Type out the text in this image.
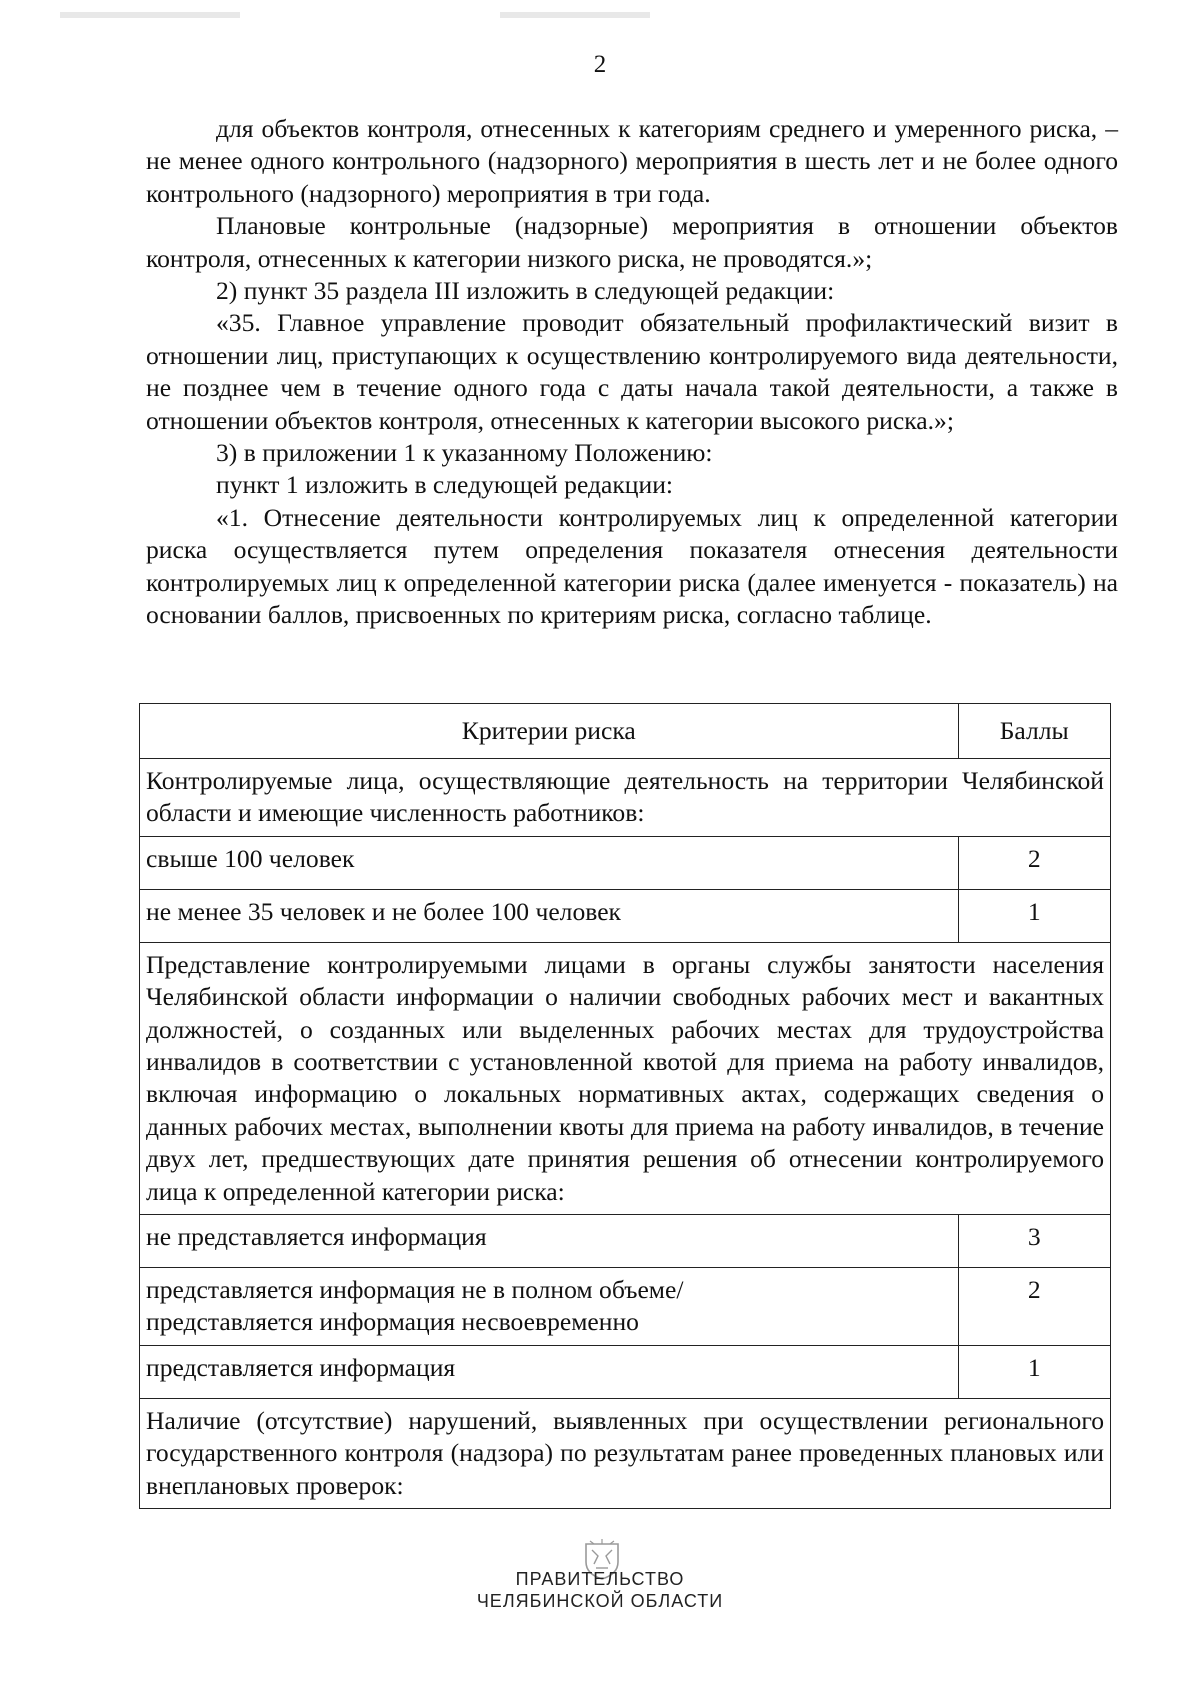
2

для объектов контроля, отнесенных к категориям среднего и умеренного риска, – не менее одного контрольного (надзорного) мероприятия в шесть лет и не более одного контрольного (надзорного) мероприятия в три года.

Плановые контрольные (надзорные) мероприятия в отношении объектов контроля, отнесенных к категории низкого риска, не проводятся.»;

2) пункт 35 раздела III изложить в следующей редакции:

«35. Главное управление проводит обязательный профилактический визит в отношении лиц, приступающих к осуществлению контролируемого вида деятельности, не позднее чем в течение одного года с даты начала такой деятельности, а также в отношении объектов контроля, отнесенных к категории высокого риска.»;

3) в приложении 1 к указанному Положению:

пункт 1 изложить в следующей редакции:

«1. Отнесение деятельности контролируемых лиц к определенной категории риска осуществляется путем определения показателя отнесения деятельности контролируемых лиц к определенной категории риска (далее именуется - показатель) на основании баллов, присвоенных по критериям риска, согласно таблице.

Критерии риска	Баллы
Контролируемые лица, осуществляющие деятельность на территории Челябинской области и имеющие численность работников:	
свыше 100 человек	2
не менее 35 человек и не более 100 человек	1
Представление контролируемыми лицами в органы службы занятости населения Челябинской области информации о наличии свободных рабочих мест и вакантных должностей, о созданных или выделенных рабочих местах для трудоустройства инвалидов в соответствии с установленной квотой для приема на работу инвалидов, включая информацию о локальных нормативных актах, содержащих сведения о данных рабочих местах, выполнении квоты для приема на работу инвалидов, в течение двух лет, предшествующих дате принятия решения об отнесении контролируемого лица к определенной категории риска:	
не представляется информация	3
представляется информация не в полном объеме/
представляется информация несвоевременно	2
представляется информация	1
Наличие (отсутствие) нарушений, выявленных при осуществлении регионального государственного контроля (надзора) по результатам ранее проведенных плановых или внеплановых проверок:	
ПРАВИТЕЛЬСТВО
ЧЕЛЯБИНСКОЙ ОБЛАСТИ
